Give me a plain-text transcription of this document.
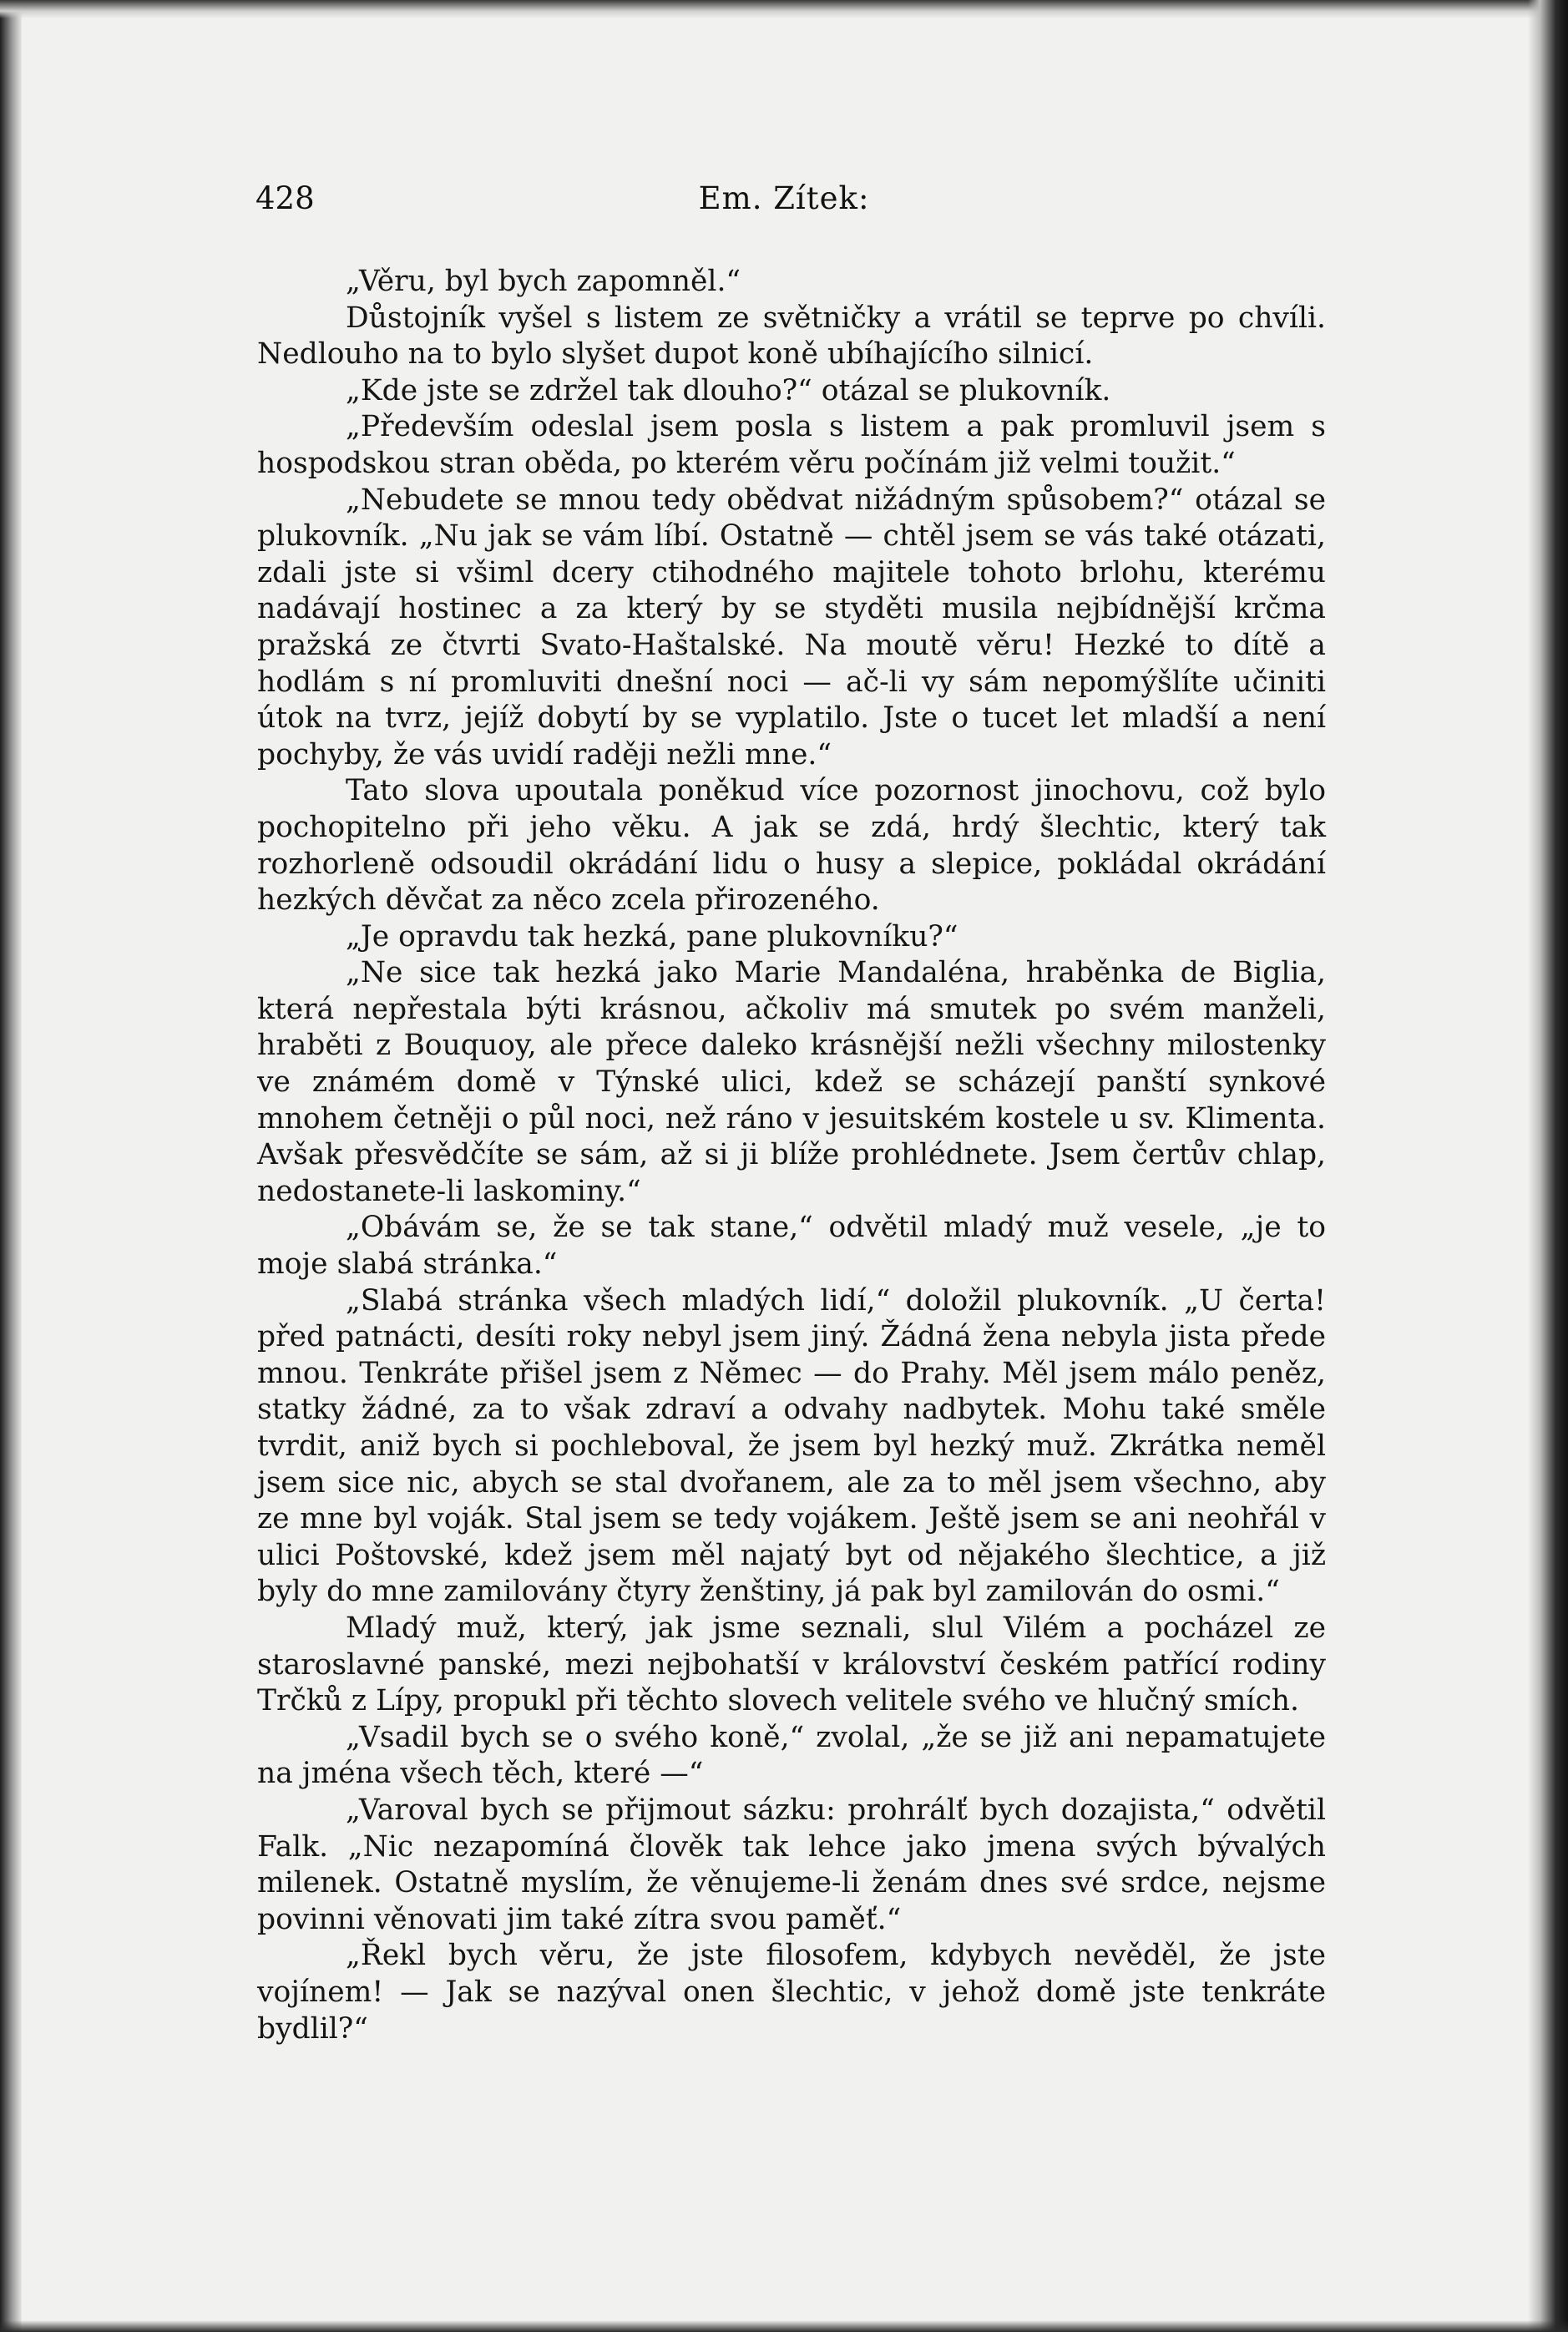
Em. Zítek:
428

„Věru, byl bych zapomněl.“

Důstojník vyšel s listem ze světničky a vrátil se teprve po chvíli. Nedlouho na to bylo slyšet dupot koně ubíhajícího silnicí.

„Kde jste se zdržel tak dlouho?“ otázal se plukovník.

„Především odeslal jsem posla s listem a pak promluvil jsem s hospodskou stran oběda, po kterém věru počínám již velmi toužit.“

„Nebudete se mnou tedy obědvat nižádným spůsobem?“ otázal se plukovník. „Nu jak se vám líbí. Ostatně — chtěl jsem se vás také otázati, zdali jste si všiml dcery ctihodného majitele tohoto brlohu, kterému nadávají hostinec a za který by se styděti musila nejbídnější krčma pražská ze čtvrti Svato-Haštalské. Na moutě věru! Hezké to dítě a hodlám s ní promluviti dnešní noci — ač-li vy sám nepomýšlíte učiniti útok na tvrz, jejíž dobytí by se vyplatilo. Jste o tucet let mladší a není pochyby, že vás uvidí raději nežli mne.“

Tato slova upoutala poněkud více pozornost jinochovu, což bylo pochopitelno při jeho věku. A jak se zdá, hrdý šlechtic, který tak rozhorleně odsoudil okrádání lidu o husy a slepice, pokládal okrádání hezkých děvčat za něco zcela přirozeného.

„Je opravdu tak hezká, pane plukovníku?“

„Ne sice tak hezká jako Marie Mandaléna, hraběnka de Biglia, která nepřestala býti krásnou, ačkoliv má smutek po svém manželi, hraběti z Bouquoy, ale přece daleko krásnější nežli všechny milostenky ve známém domě v Týnské ulici, kdež se scházejí panští synkové mnohem četněji o půl noci, než ráno v jesuitském kostele u sv. Klimenta. Avšak přesvědčíte se sám, až si ji blíže prohlédnete. Jsem čertův chlap, nedostanete-li laskominy.“

„Obávám se, že se tak stane,“ odvětil mladý muž vesele, „je to moje slabá stránka.“

„Slabá stránka všech mladých lidí,“ doložil plukovník. „U čerta! před patnácti, desíti roky nebyl jsem jiný. Žádná žena nebyla jista přede mnou. Tenkráte přišel jsem z Němec — do Prahy. Měl jsem málo peněz, statky žádné, za to však zdraví a odvahy nadbytek. Mohu také směle tvrdit, aniž bych si pochleboval, že jsem byl hezký muž. Zkrátka neměl jsem sice nic, abych se stal dvořanem, ale za to měl jsem všechno, aby ze mne byl voják. Stal jsem se tedy vojákem. Ještě jsem se ani neohřál v ulici Poštovské, kdež jsem měl najatý byt od nějakého šlechtice, a již byly do mne zamilovány čtyry ženštiny, já pak byl zamilován do osmi.“

Mladý muž, který, jak jsme seznali, slul Vilém a pocházel ze staroslavné panské, mezi nejbohatší v království českém patřící rodiny Trčků z Lípy, propukl při těchto slovech velitele svého ve hlučný smích.

„Vsadil bych se o svého koně,“ zvolal, „že se již ani nepamatujete na jména všech těch, které —“

„Varoval bych se přijmout sázku: prohrálť bych dozajista,“ odvětil Falk. „Nic nezapomíná člověk tak lehce jako jmena svých bývalých milenek. Ostatně myslím, že věnujeme-li ženám dnes své srdce, nejsme povinni věnovati jim také zítra svou paměť.“

„Řekl bych věru, že jste filosofem, kdybych nevěděl, že jste vojínem! — Jak se nazýval onen šlechtic, v jehož domě jste tenkráte bydlil?“
